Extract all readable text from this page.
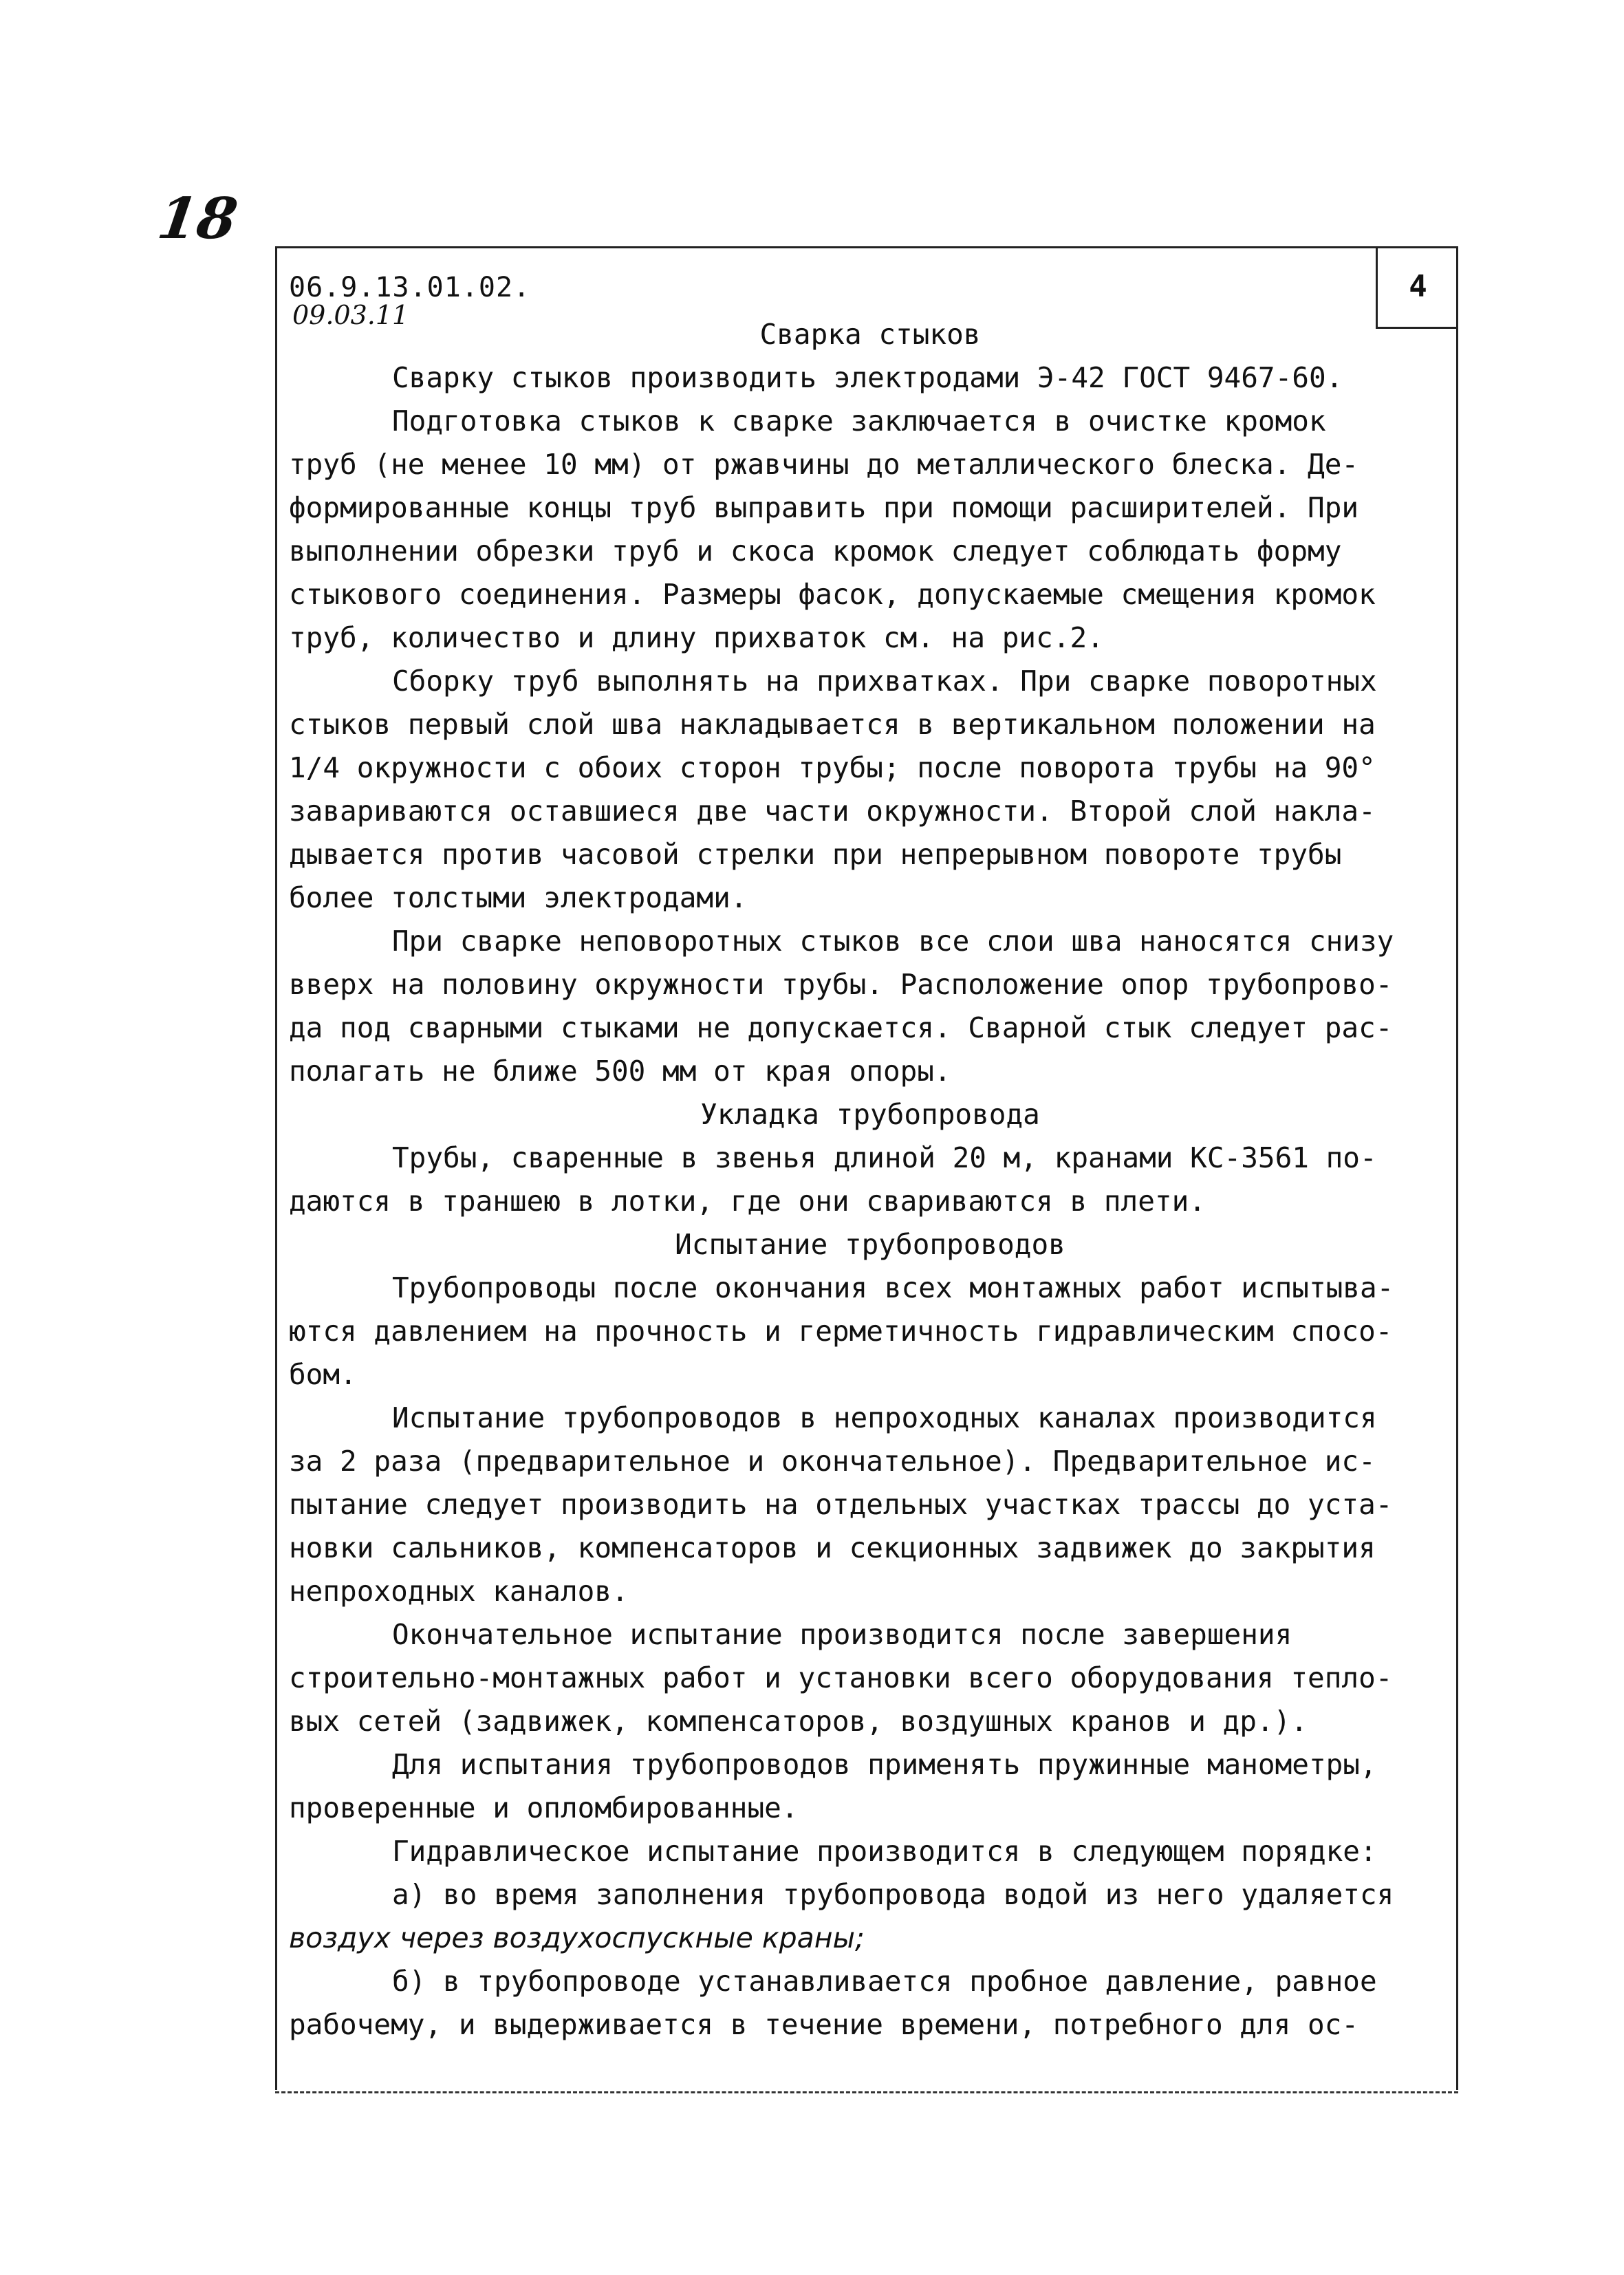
18
4
06.9.13.01.02.
09.03.11
Сварка стыков
Сварку стыков производить электродами Э-42 ГОСТ 9467-60.
Подготовка стыков к сварке заключается в очистке кромок
труб (не менее 10 мм) от ржавчины до металлического блеска. Де-
формированные концы труб выправить при помощи расширителей. При
выполнении обрезки труб и скоса кромок следует соблюдать форму
стыкового соединения. Размеры фасок, допускаемые смещения кромок
труб, количество и длину прихваток см. на рис.2.
Сборку труб выполнять на прихватках. При сварке поворотных
стыков первый слой шва накладывается в вертикальном положении на
1/4 окружности с обоих сторон трубы; после поворота трубы на 90°
завариваются оставшиеся две части окружности. Второй слой накла-
дывается против часовой стрелки при непрерывном повороте трубы
более толстыми электродами.
При сварке неповоротных стыков все слои шва наносятся снизу
вверх на половину окружности трубы. Расположение опор трубопрово-
да под сварными стыками не допускается. Сварной стык следует рас-
полагать не ближе 500 мм от края опоры.
Укладка трубопровода
Трубы, сваренные в звенья длиной 20 м, кранами КС-3561 по-
даются в траншею в лотки, где они свариваются в плети.
Испытание трубопроводов
Трубопроводы после окончания всех монтажных работ испытыва-
ются давлением на прочность и герметичность гидравлическим спосо-
бом.
Испытание трубопроводов в непроходных каналах производится
за 2 раза (предварительное и окончательное). Предварительное ис-
пытание следует производить на отдельных участках трассы до уста-
новки сальников, компенсаторов и секционных задвижек до закрытия
непроходных каналов.
Окончательное испытание производится после завершения
строительно-монтажных работ и установки всего оборудования тепло-
вых сетей (задвижек, компенсаторов, воздушных кранов и др.).
Для испытания трубопроводов применять пружинные манометры,
проверенные и опломбированные.
Гидравлическое испытание производится в следующем порядке:
а) во время заполнения трубопровода водой из него удаляется
воздух через воздухоспускные краны;
б) в трубопроводе устанавливается пробное давление, равное
рабочему, и выдерживается в течение времени, потребного для ос-
